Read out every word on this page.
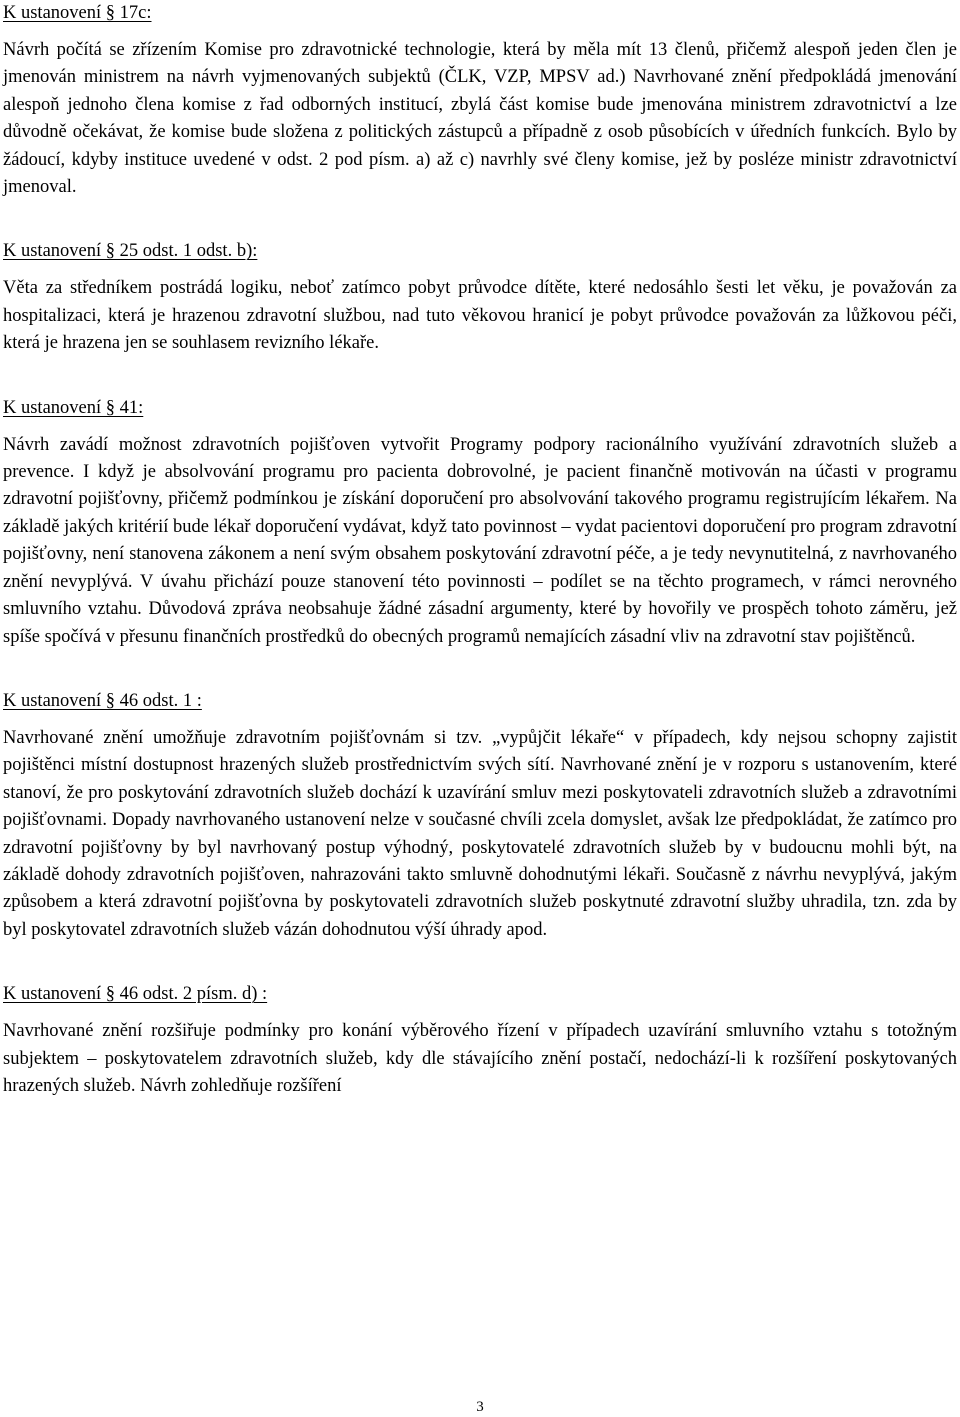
K ustanovení § 17c:

Návrh počítá se zřízením Komise pro zdravotnické technologie, která by měla mít 13 členů, přičemž alespoň jeden člen je jmenován ministrem na návrh vyjmenovaných subjektů (ČLK, VZP, MPSV ad.) Navrhované znění předpokládá jmenování alespoň jednoho člena komise z řad odborných institucí, zbylá část komise bude jmenována ministrem zdravotnictví a lze důvodně očekávat, že komise bude složena z politických zástupců a případně z osob působících v úředních funkcích. Bylo by žádoucí, kdyby instituce uvedené v odst. 2 pod písm. a) až c) navrhly své členy komise, jež by posléze ministr zdravotnictví jmenoval.

K ustanovení § 25 odst. 1 odst. b):

Věta za středníkem postrádá logiku, neboť zatímco pobyt průvodce dítěte, které nedosáhlo šesti let věku, je považován za hospitalizaci, která je hrazenou zdravotní službou, nad tuto věkovou hranicí je pobyt průvodce považován za lůžkovou péči, která je hrazena jen se souhlasem revizního lékaře.

K ustanovení § 41:

Návrh zavádí možnost zdravotních pojišťoven vytvořit Programy podpory racionálního využívání zdravotních služeb a prevence. I když je absolvování programu pro pacienta dobrovolné, je pacient finančně motivován na účasti v programu zdravotní pojišťovny, přičemž podmínkou je získání doporučení pro absolvování takového programu registrujícím lékařem. Na základě jakých kritérií bude lékař doporučení vydávat, když tato povinnost – vydat pacientovi doporučení pro program zdravotní pojišťovny, není stanovena zákonem a není svým obsahem poskytování zdravotní péče, a je tedy nevynutitelná, z navrhovaného znění nevyplývá. V úvahu přichází pouze stanovení této povinnosti – podílet se na těchto programech, v rámci nerovného smluvního vztahu. Důvodová zpráva neobsahuje žádné zásadní argumenty, které by hovořily ve prospěch tohoto záměru, jež spíše spočívá v přesunu finančních prostředků do obecných programů nemajících zásadní vliv na zdravotní stav pojištěnců.

K ustanovení § 46 odst. 1 :

Navrhované znění umožňuje zdravotním pojišťovnám si tzv. „vypůjčit lékaře“ v případech, kdy nejsou schopny zajistit pojištěnci místní dostupnost hrazených služeb prostřednictvím svých sítí. Navrhované znění je v rozporu s ustanovením, které stanoví, že pro poskytování zdravotních služeb dochází k uzavírání smluv mezi poskytovateli zdravotních služeb a zdravotními pojišťovnami. Dopady navrhovaného ustanovení nelze v současné chvíli zcela domyslet, avšak lze předpokládat, že zatímco pro zdravotní pojišťovny by byl navrhovaný postup výhodný, poskytovatelé zdravotních služeb by v budoucnu mohli být, na základě dohody zdravotních pojišťoven, nahrazováni takto smluvně dohodnutými lékaři. Současně z návrhu nevyplývá, jakým způsobem a která zdravotní pojišťovna by poskytovateli zdravotních služeb poskytnuté zdravotní služby uhradila, tzn. zda by byl poskytovatel zdravotních služeb vázán dohodnutou výší úhrady apod.

K ustanovení § 46 odst. 2 písm. d) :

Navrhované znění rozšiřuje podmínky pro konání výběrového řízení v případech uzavírání smluvního vztahu s totožným subjektem – poskytovatelem zdravotních služeb, kdy dle stávajícího znění postačí, nedochází-li k rozšíření poskytovaných hrazených služeb. Návrh zohledňuje rozšíření

3
